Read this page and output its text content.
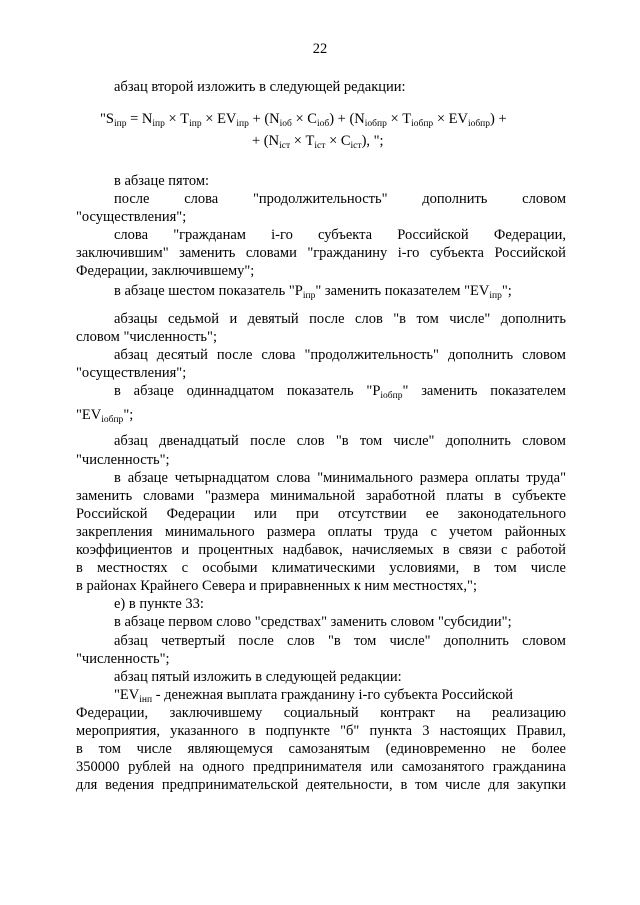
22
абзац второй изложить в следующей редакции:
в абзаце пятом:
после слова "продолжительность" дополнить словом
"осуществления";
слова "гражданам i-го субъекта Российской Федерации,
заключившим" заменить словами "гражданину i-го субъекта Российской
Федерации, заключившему";
абзацы седьмой и девятый после слов "в том числе" дополнить
словом "численность";
абзац десятый после слова "продолжительность" дополнить словом
"осуществления";
абзац двенадцатый после слов "в том числе" дополнить словом
"численность";
в абзаце четырнадцатом слова "минимального размера оплаты труда"
заменить словами "размера минимальной заработной платы в субъекте
Российской Федерации или при отсутствии ее законодательного
закрепления минимального размера оплаты труда с учетом районных
коэффициентов и процентных надбавок, начисляемых в связи с работой
в местностях с особыми климатическими условиями, в том числе
в районах Крайнего Севера и приравненных к ним местностях,";
е) в пункте 33:
в абзаце первом слово "средствах" заменить словом "субсидии";
абзац четвертый после слов "в том числе" дополнить словом
"численность";
абзац пятый изложить в следующей редакции:
Федерации, заключившему социальный контракт на реализацию
мероприятия, указанного в подпункте "б" пункта 3 настоящих Правил,
в том числе являющемуся самозанятым (единовременно не более
350000 рублей на одного предпринимателя или самозанятого гражданина
для ведения предпринимательской деятельности, в том числе для закупки
"$S_{iпр} = N_{iпр} \times T_{iпр} \times EV_{iпр} + (N_{iоб} \times C_{iоб}) + (N_{iобпр} \times T_{iобпр} \times EV_{iобпр})$ +
+ $(N_{iст} \times T_{iст} \times C_{iст})$, ";
в абзаце шестом показатель "$P_{iпр}$" заменить показателем "$EV_{iпр}$";
в абзаце одиннадцатом показатель "$P_{iобпр}$" заменить показателем
"$EV_{iобпр}$";
"$EV_{iнп}$ - денежная выплата гражданину i-го субъекта Российской
